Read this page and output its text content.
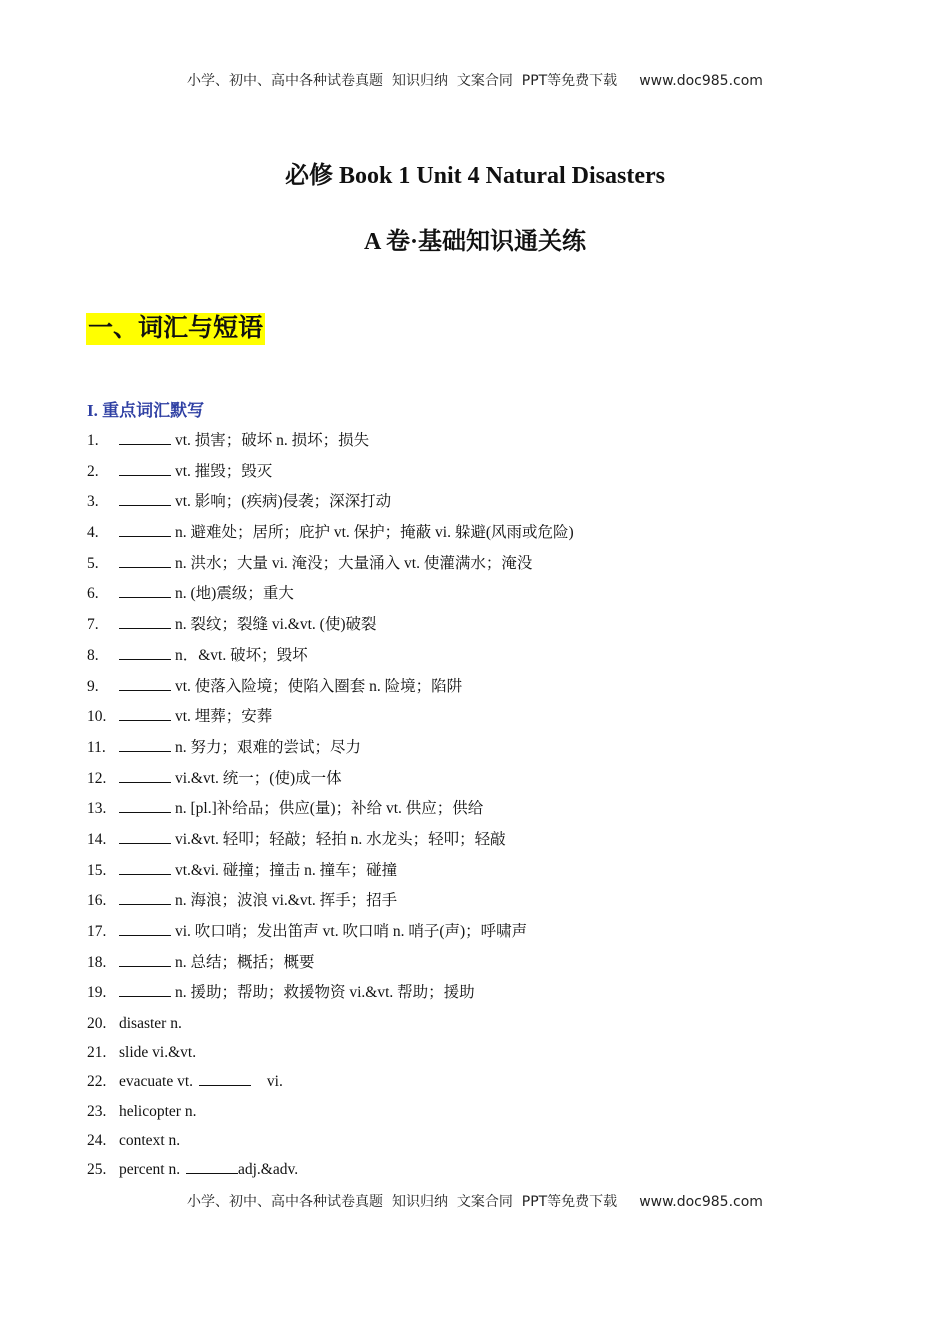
小学、初中、高中各种试卷真题  知识归纳  文案合同  PPT等免费下载 www.doc985.com
必修 Book 1 Unit 4 Natural Disasters
A 卷·基础知识通关练
一、词汇与短语
I. 重点词汇默写
1.	vt. 损害；破坏 n. 损坏；损失
2.	vt. 摧毁；毁灭
3.	vt. 影响；(疾病)侵袭；深深打动
4.	n. 避难处；居所；庇护 vt. 保护；掩蔽 vi. 躲避(风雨或危险)
5.	n. 洪水；大量 vi. 淹没；大量涌入 vt. 使灌满水；淹没
6.	n. (地)震级；重大
7.	n. 裂纹；裂缝 vi.&vt. (使)破裂
8.	n．&vt. 破坏；毁坏
9.	vt. 使落入险境；使陷入圈套 n. 险境；陷阱
10.	vt. 埋葬；安葬
11.	n. 努力；艰难的尝试；尽力
12.	vi.&vt. 统一；(使)成一体
13.	n. [pl.]补给品；供应(量)；补给 vt. 供应；供给
14.	vi.&vt. 轻叩；轻敲；轻拍 n. 水龙头；轻叩；轻敲
15.	vt.&vi. 碰撞；撞击 n. 撞车；碰撞
16.	n. 海浪；波浪 vi.&vt. 挥手；招手
17.	vi. 吹口哨；发出笛声 vt. 吹口哨 n. 哨子(声)；呼啸声
18.	n. 总结；概括；概要
19.	n. 援助；帮助；救援物资 vi.&vt. 帮助；援助
20. disaster n.
21. slide vi.&vt.
22. evacuate vt.	vi.
23. helicopter n.
24. context n.
25. percent n.	adj.&adv.
小学、初中、高中各种试卷真题  知识归纳  文案合同  PPT等免费下载 www.doc985.com
